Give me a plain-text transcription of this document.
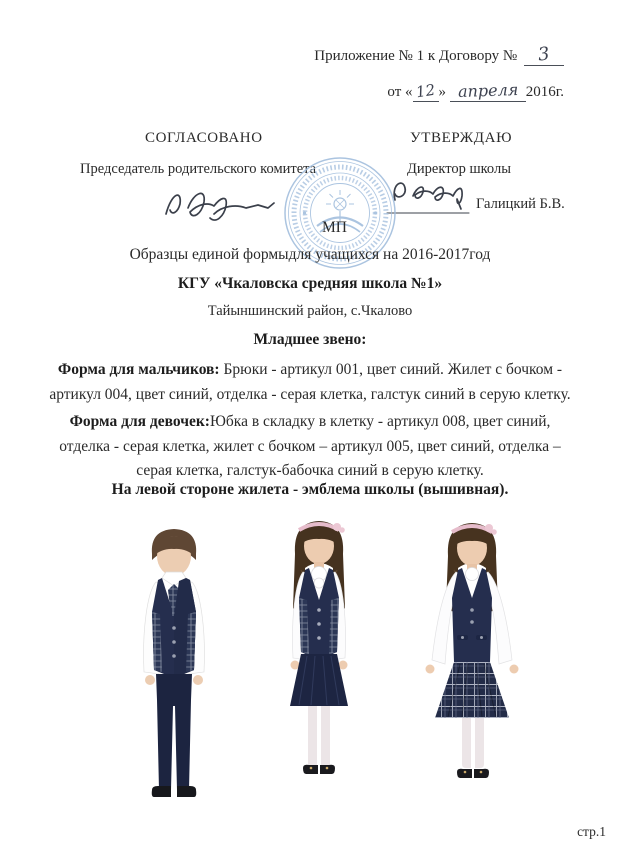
Приложение № 1 к Договору № 3
от « 12 » апреля 2016г.
СОГЛАСОВАНО	УТВЕРЖДАЮ
Председатель родительского комитета	Директор школы
Галицкий Б.В.
МП
Образцы единой формыдля учащихся на 2016-2017год
КГУ «Чкаловска средняя школа №1»
Тайыншинский район, с.Чкалово
Младшее звено:
Форма для мальчиков: Брюки - артикул 001, цвет синий. Жилет с бочком - артикул 004, цвет синий, отделка - серая клетка, галстук синий в серую клетку.
Форма для девочек:Юбка в складку в клетку - артикул 008, цвет синий, отделка - серая клетка, жилет с бочком – артикул 005, цвет синий, отделка – серая клетка, галстук-бабочка синий в серую клетку.
На левой стороне жилета - эмблема школы (вышивная).
стр.1
